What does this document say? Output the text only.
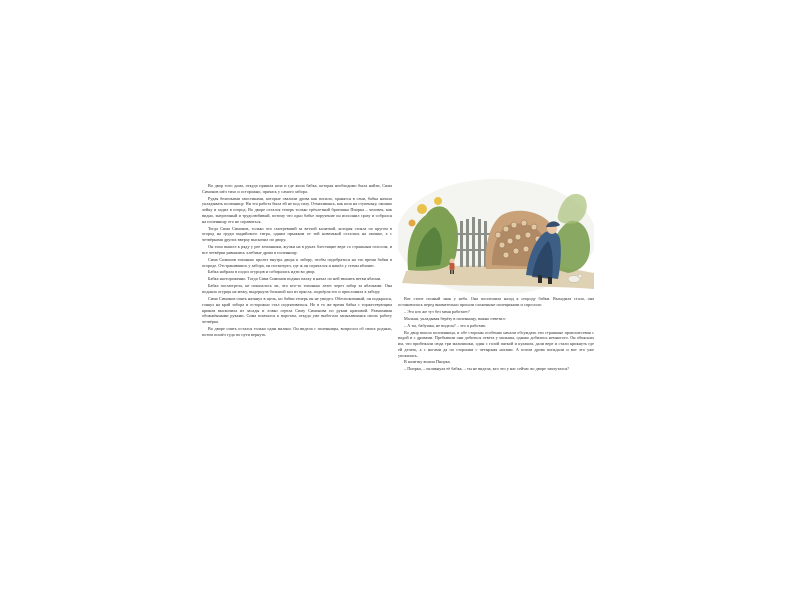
Во двор того дома, откуда пришла коза и где жила бабка, которая необходимо была найти, Сима Симонов шёл тихо и осторожно, прячась у самого забора.

Рудая беличьими хвостиками, которые свалили дрова как попало, хранятся в сени, бабка начала укладывать поленницу. Ни эта работа была ей не под силу. Отмахиваясь, как коза на ступеньку, окошко лейку и ходил в огород. Во дворе остался теперь только трёхлетний братишка Пиорка – человек, как видно, энергичный и трудолюбивый, потому что одно бабье поручение он исполнил сразу и собрался на поленницу его не справиться.

Тогда Сима Симонов, только что смотревший за ветхой калиткой, которая стояла по кругом в огород на груди индийского тигра, одним прыжком от той новенькой осталась на окошке, а с четвёрками других вверху выскочил по двору.

Он тихо вышел к ряду у рее земляники, жучки на в руках блестящие вере со страшным голосом, и все четвёрки равнялись хлебные дрова в поленницу.

Сима Симонов тихонько пролез внутрь двора к забору, чтобы подобраться на это время бабки в огороде. Отстранившись у забора, он посмотрел, где ж он спрятался и нашёл у стены яблоню.

Бабка набрала в подол огурцов и собиралась идти во двор.

Бабка настороженно. Тогда Сима Симонов поднял палку и начал по ней звонить ветки яблони.

Бабка посмотрела, не показалось ли, что кто-то тихонько лезет через забор за яблоками. Она подняла огурцы на межу, выдернула большой кол из прясла, подпёрла его и прислонила к забору.

Сима Симонов опять натянул в щель, но бабки теперь он не увидел. Обеспокоенный, он подкрался, глянул на край забора и осторожно стал подтягиваться. Но в то же время бабка с торжествующим криком выскочила из засады и ловко огрела Симу Симонова по рукам крапивой. Размахивая обожжёнными руками, Сима помчался к воротам, откуда уже выбегала запыхавшаяся своих работу четвёрка.

Во дворе опять остался только один малыш. Он видела с поленницы, вопросил об своих родных, потом пошёл туда по пути вернуть.

Вот стоит полный знак у неба. Она поспешила назад к огороду бабки. Выходила стала, она остановилась перед внимательно прошли сложенные полещиками и спросила:

– Это кто же тут без меня работает?

Малыш, укладывая берёзу в поленницу, важно ответил:

– А ты, бабушка, не видела? – это я работаю.

Во двор вошла полпенница, и обе стороны особенно начали обсуждать эти страшные происшествия с водой и с дровами. Пребывали они добиться ответа у малыша, однако добились немногого. Он объяснил им, что прибежали сюда три мальчишки, один с голой пяткой и кулаком, дали вере и стали крикнуть где ей делать, а с ногами да по сторонам с четырьмя ногами. А потом дрова попадали и вот это уже упокилась.

В калитку вошла Пиорка.

– Пиорка, – окликнула её бабка, – ты не видела, кто это у нас сейчас во дворе заплутался?
